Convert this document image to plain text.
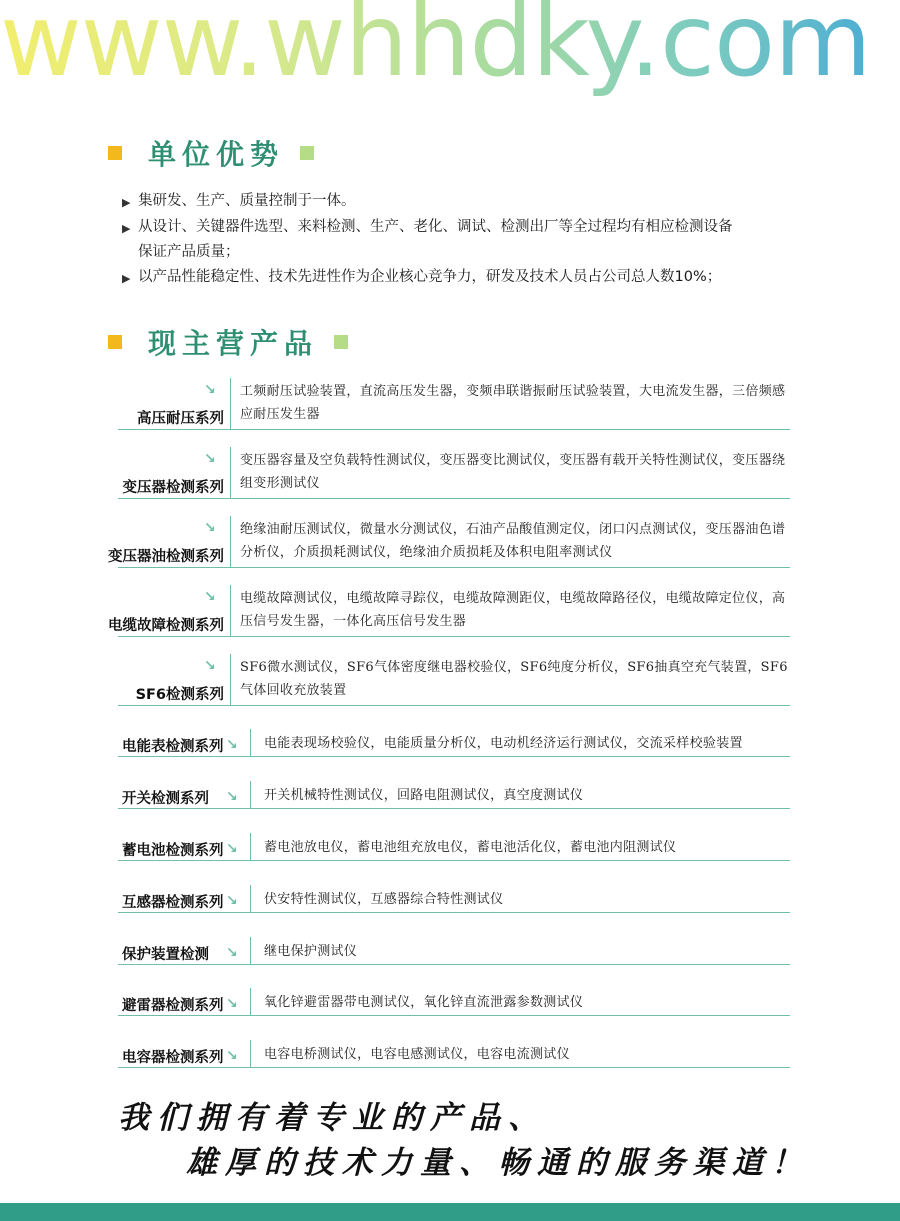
www.whhdky.com
单位优势
▶ 集研发、生产、质量控制于一体。
▶ 从设计、关键器件选型、来料检测、生产、老化、调试、检测出厂等全过程均有相应检测设备保证产品质量；
▶ 以产品性能稳定性、技术先进性作为企业核心竞争力，研发及技术人员占公司总人数10%；
现主营产品
↘
高压耐压系列
工频耐压试验装置，直流高压发生器，变频串联谐振耐压试验装置，大电流发生器，三倍频感应耐压发生器
↘
变压器检测系列
变压器容量及空负载特性测试仪，变压器变比测试仪，变压器有载开关特性测试仪，变压器绕组变形测试仪
↘
变压器油检测系列
绝缘油耐压测试仪，微量水分测试仪，石油产品酸值测定仪，闭口闪点测试仪，变压器油色谱分析仪，介质损耗测试仪，绝缘油介质损耗及体积电阻率测试仪
↘
电缆故障检测系列
电缆故障测试仪，电缆故障寻踪仪，电缆故障测距仪，电缆故障路径仪，电缆故障定位仪，高压信号发生器，一体化高压信号发生器
↘
SF6检测系列
SF6微水测试仪，SF6气体密度继电器校验仪，SF6纯度分析仪，SF6抽真空充气装置，SF6气体回收充放装置
电能表检测系列 ↘	电能表现场校验仪，电能质量分析仪，电动机经济运行测试仪，交流采样校验装置
开关检测系列 ↘	开关机械特性测试仪，回路电阻测试仪，真空度测试仪
蓄电池检测系列 ↘	蓄电池放电仪，蓄电池组充放电仪，蓄电池活化仪，蓄电池内阻测试仪
互感器检测系列 ↘	伏安特性测试仪，互感器综合特性测试仪
保护装置检测 ↘	继电保护测试仪
避雷器检测系列 ↘	氧化锌避雷器带电测试仪，氧化锌直流泄露参数测试仪
电容器检测系列 ↘	电容电桥测试仪，电容电感测试仪，电容电流测试仪
我们拥有着专业的产品、
雄厚的技术力量、畅通的服务渠道！
